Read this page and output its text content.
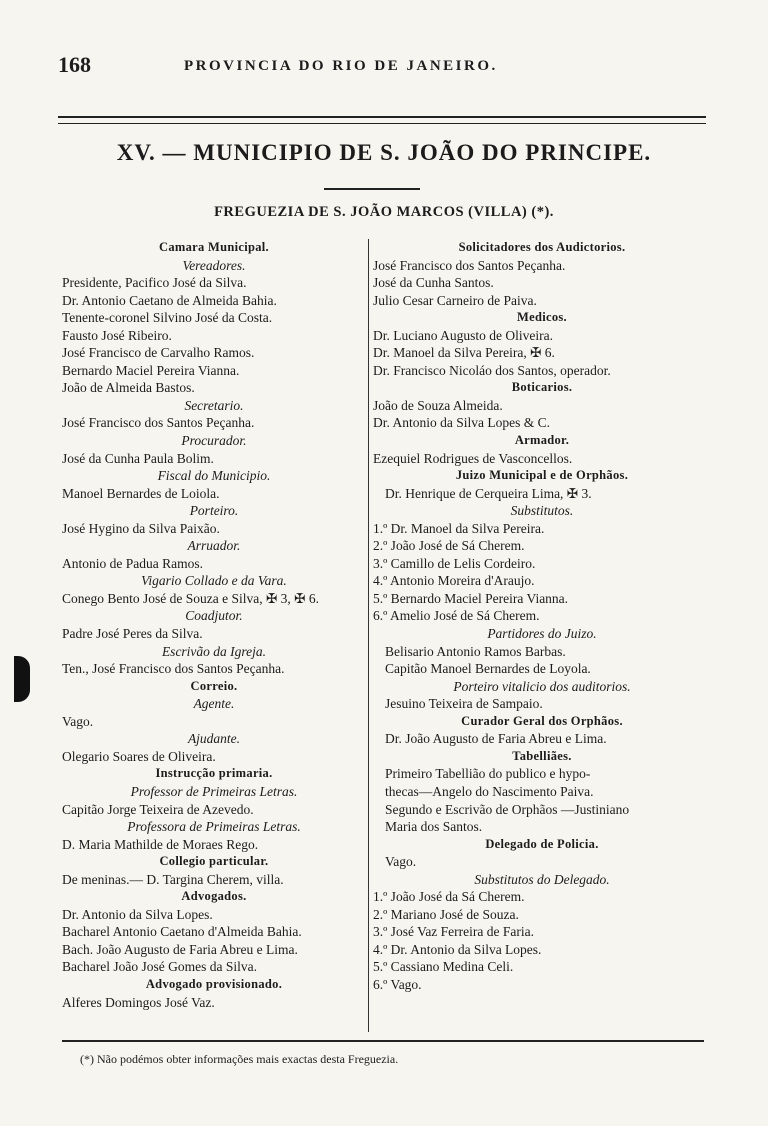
168	PROVINCIA DO RIO DE JANEIRO.
XV. — MUNICIPIO DE S. JOÃO DO PRINCIPE.
FREGUEZIA DE S. JOÃO MARCOS (VILLA) (*).
Camara Municipal.
Vereadores.
Presidente, Pacifico José da Silva.
Dr. Antonio Caetano de Almeida Bahia.
Tenente-coronel Silvino José da Costa.
Fausto José Ribeiro.
José Francisco de Carvalho Ramos.
Bernardo Maciel Pereira Vianna.
João de Almeida Bastos.
Secretario.
José Francisco dos Santos Peçanha.
Procurador.
José da Cunha Paula Bolim.
Fiscal do Municipio.
Manoel Bernardes de Loiola.
Porteiro.
José Hygino da Silva Paixão.
Arruador.
Antonio de Padua Ramos.
Vigario Collado e da Vara.
Conego Bento José de Souza e Silva, ✠ 3, ✠ 6.
Coadjutor.
Padre José Peres da Silva.
Escrivão da Igreja.
Ten., José Francisco dos Santos Peçanha.
Correio.
Agente.
Vago.
Ajudante.
Olegario Soares de Oliveira.
Instrucção primaria.
Professor de Primeiras Letras.
Capitão Jorge Teixeira de Azevedo.
Professora de Primeiras Letras.
D. Maria Mathilde de Moraes Rego.
Collegio particular.
De meninas.— D. Targina Cherem, villa.
Advogados.
Dr. Antonio da Silva Lopes.
Bacharel Antonio Caetano d'Almeida Bahia.
Bach. João Augusto de Faria Abreu e Lima.
Bacharel João José Gomes da Silva.
Advogado provisionado.
Alferes Domingos José Vaz.
Solicitadores dos Audictorios.
José Francisco dos Santos Peçanha.
José da Cunha Santos.
Julio Cesar Carneiro de Paiva.
Medicos.
Dr. Luciano Augusto de Oliveira.
Dr. Manoel da Silva Pereira, ✠ 6.
Dr. Francisco Nicoláo dos Santos, operador.
Boticarios.
João de Souza Almeida.
Dr. Antonio da Silva Lopes & C.
Armador.
Ezequiel Rodrigues de Vasconcellos.
Juizo Municipal e de Orphãos.
Dr. Henrique de Cerqueira Lima, ✠ 3.
Substitutos.
1.º Dr. Manoel da Silva Pereira.
2.º João José de Sá Cherem.
3.º Camillo de Lelis Cordeiro.
4.º Antonio Moreira d'Araujo.
5.º Bernardo Maciel Pereira Vianna.
6.º Amelio José de Sá Cherem.
Partidores do Juizo.
Belisario Antonio Ramos Barbas.
Capitão Manoel Bernardes de Loyola.
Porteiro vitalicio dos auditorios.
Jesuino Teixeira de Sampaio.
Curador Geral dos Orphãos.
Dr. João Augusto de Faria Abreu e Lima.
Tabelliães.
Primeiro Tabellião do publico e hypo-
thecas—Angelo do Nascimento Paiva.
Segundo e Escrivão de Orphãos —Justiniano
Maria dos Santos.
Delegado de Policia.
Vago.
Substitutos do Delegado.
1.º João José da Sá Cherem.
2.º Mariano José de Souza.
3.º José Vaz Ferreira de Faria.
4.º Dr. Antonio da Silva Lopes.
5.º Cassiano Medina Celi.
6.º Vago.
(*) Não podémos obter informações mais exactas desta Freguezia.
